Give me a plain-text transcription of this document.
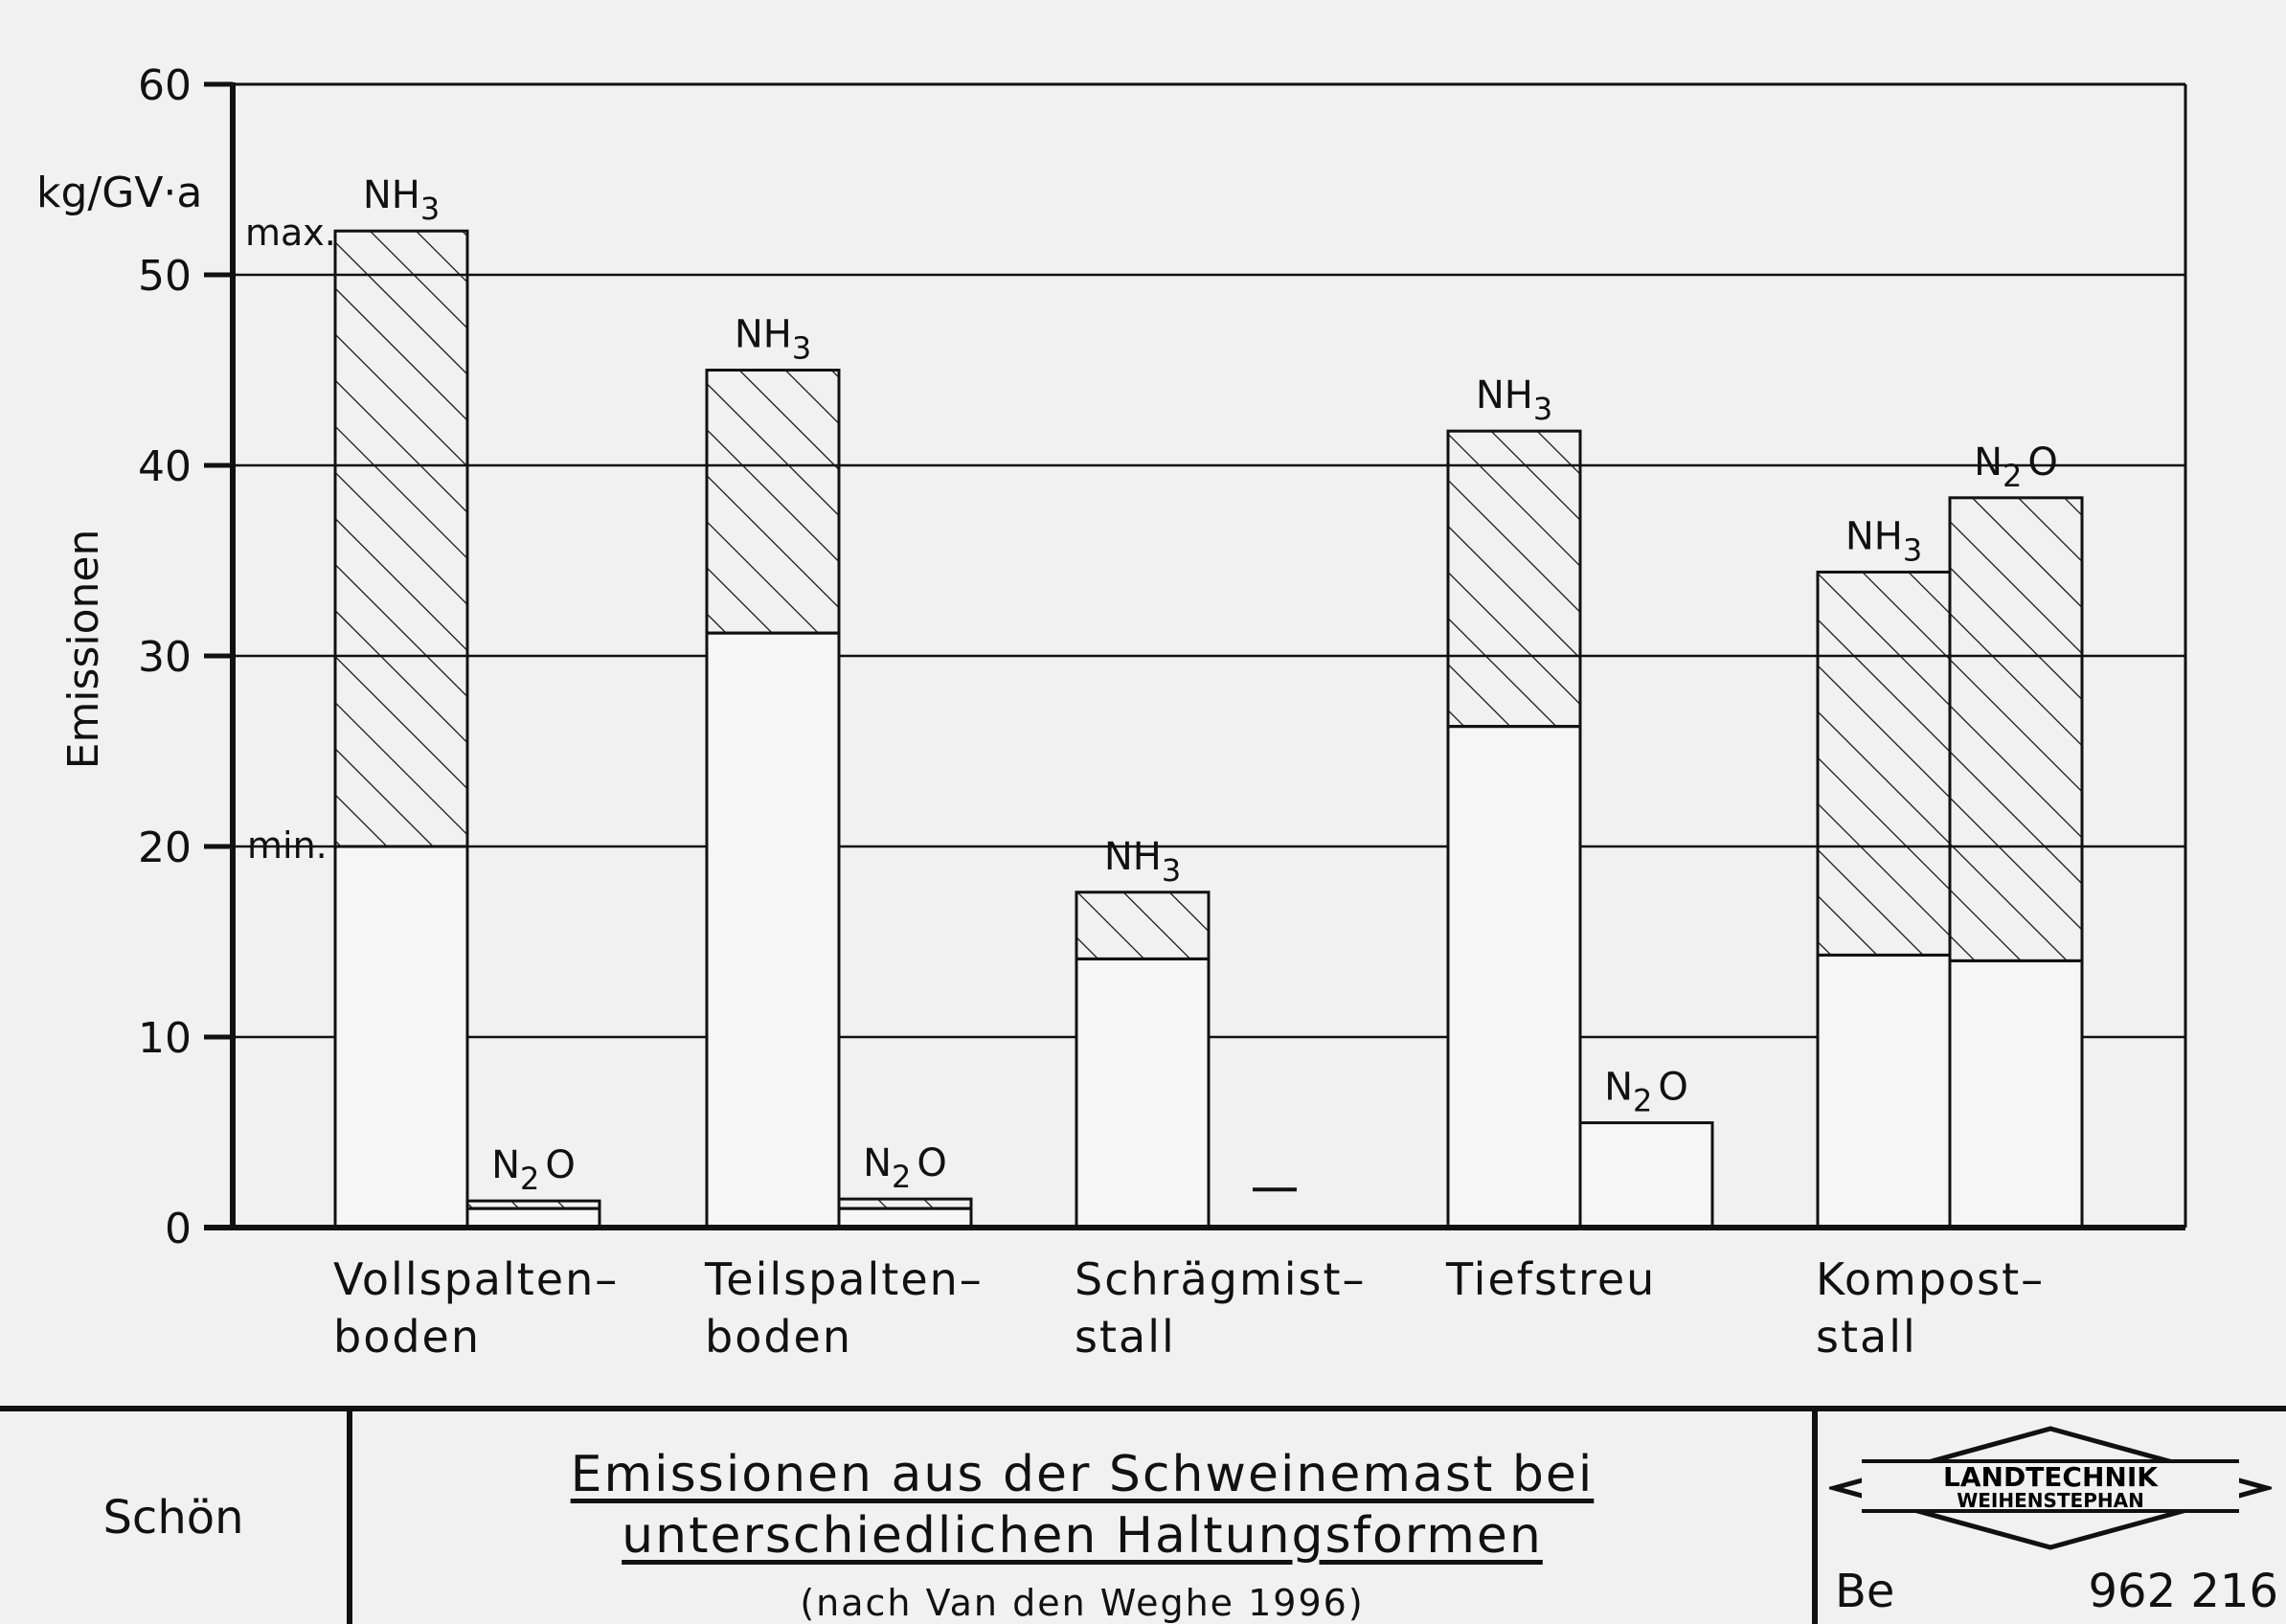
0
10
20
30
40
50
60
kg/GV·a
Emissionen
max.
min.
$NH_3$
$N_2$ O
$NH_3$
$N_2$ O
$NH_3$
$NH_3$
$N_2$ O
$NH_3$
$N_2$ O
Vollspalten–
boden
Teilspalten–
boden
Schrägmist–
stall
Tiefstreu	Kompost–
stall
Schön
Emissionen aus der Schweinemast bei
unterschiedlichen Haltungsformen
(nach Van den Weghe 1996)
LANDTECHNIK
WEIHENSTEPHAN
Be	962 216
